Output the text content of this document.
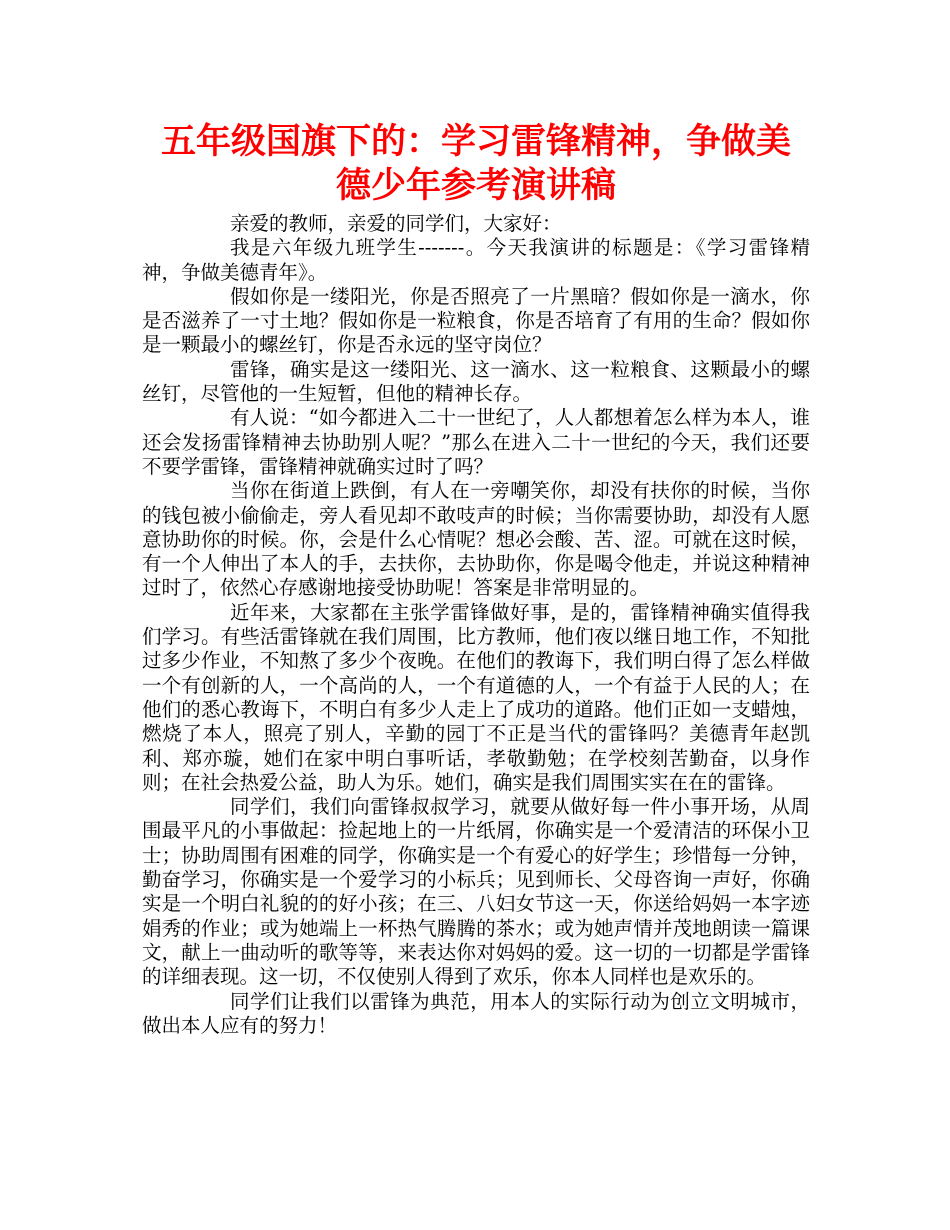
五年级国旗下的：学习雷锋精神，争做美
德少年参考演讲稿

亲爱的教师，亲爱的同学们，大家好：

我是六年级九班学生-------。今天我演讲的标题是：《学习雷锋精神，争做美德青年》。

假如你是一缕阳光，你是否照亮了一片黑暗？假如你是一滴水，你是否滋养了一寸土地？假如你是一粒粮食，你是否培育了有用的生命？假如你是一颗最小的螺丝钉，你是否永远的坚守岗位？

雷锋，确实是这一缕阳光、这一滴水、这一粒粮食、这颗最小的螺丝钉，尽管他的一生短暂，但他的精神长存。

有人说：“如今都进入二十一世纪了，人人都想着怎么样为本人，谁还会发扬雷锋精神去协助别人呢？”那么在进入二十一世纪的今天，我们还要不要学雷锋，雷锋精神就确实过时了吗？

当你在街道上跌倒，有人在一旁嘲笑你，却没有扶你的时候，当你的钱包被小偷偷走，旁人看见却不敢吱声的时候；当你需要协助，却没有人愿意协助你的时候。你，会是什么心情呢？想必会酸、苦、涩。可就在这时候，有一个人伸出了本人的手，去扶你，去协助你，你是喝令他走，并说这种精神过时了，依然心存感谢地接受协助呢！答案是非常明显的。

近年来，大家都在主张学雷锋做好事，是的，雷锋精神确实值得我们学习。有些活雷锋就在我们周围，比方教师，他们夜以继日地工作，不知批过多少作业，不知熬了多少个夜晚。在他们的教诲下，我们明白得了怎么样做一个有创新的人，一个高尚的人，一个有道德的人，一个有益于人民的人；在他们的悉心教诲下，不明白有多少人走上了成功的道路。他们正如一支蜡烛，燃烧了本人，照亮了别人，辛勤的园丁不正是当代的雷锋吗？美德青年赵凯利、郑亦璇，她们在家中明白事听话，孝敬勤勉；在学校刻苦勤奋，以身作则；在社会热爱公益，助人为乐。她们，确实是我们周围实实在在的雷锋。

同学们，我们向雷锋叔叔学习，就要从做好每一件小事开场，从周围最平凡的小事做起：捡起地上的一片纸屑，你确实是一个爱清洁的环保小卫士；协助周围有困难的同学，你确实是一个有爱心的好学生；珍惜每一分钟，勤奋学习，你确实是一个爱学习的小标兵；见到师长、父母咨询一声好，你确实是一个明白礼貌的的好小孩；在三、八妇女节这一天，你送给妈妈一本字迹娟秀的作业；或为她端上一杯热气腾腾的茶水；或为她声情并茂地朗读一篇课文，献上一曲动听的歌等等，来表达你对妈妈的爱。这一切的一切都是学雷锋的详细表现。这一切，不仅使别人得到了欢乐，你本人同样也是欢乐的。

同学们让我们以雷锋为典范，用本人的实际行动为创立文明城市，做出本人应有的努力！
